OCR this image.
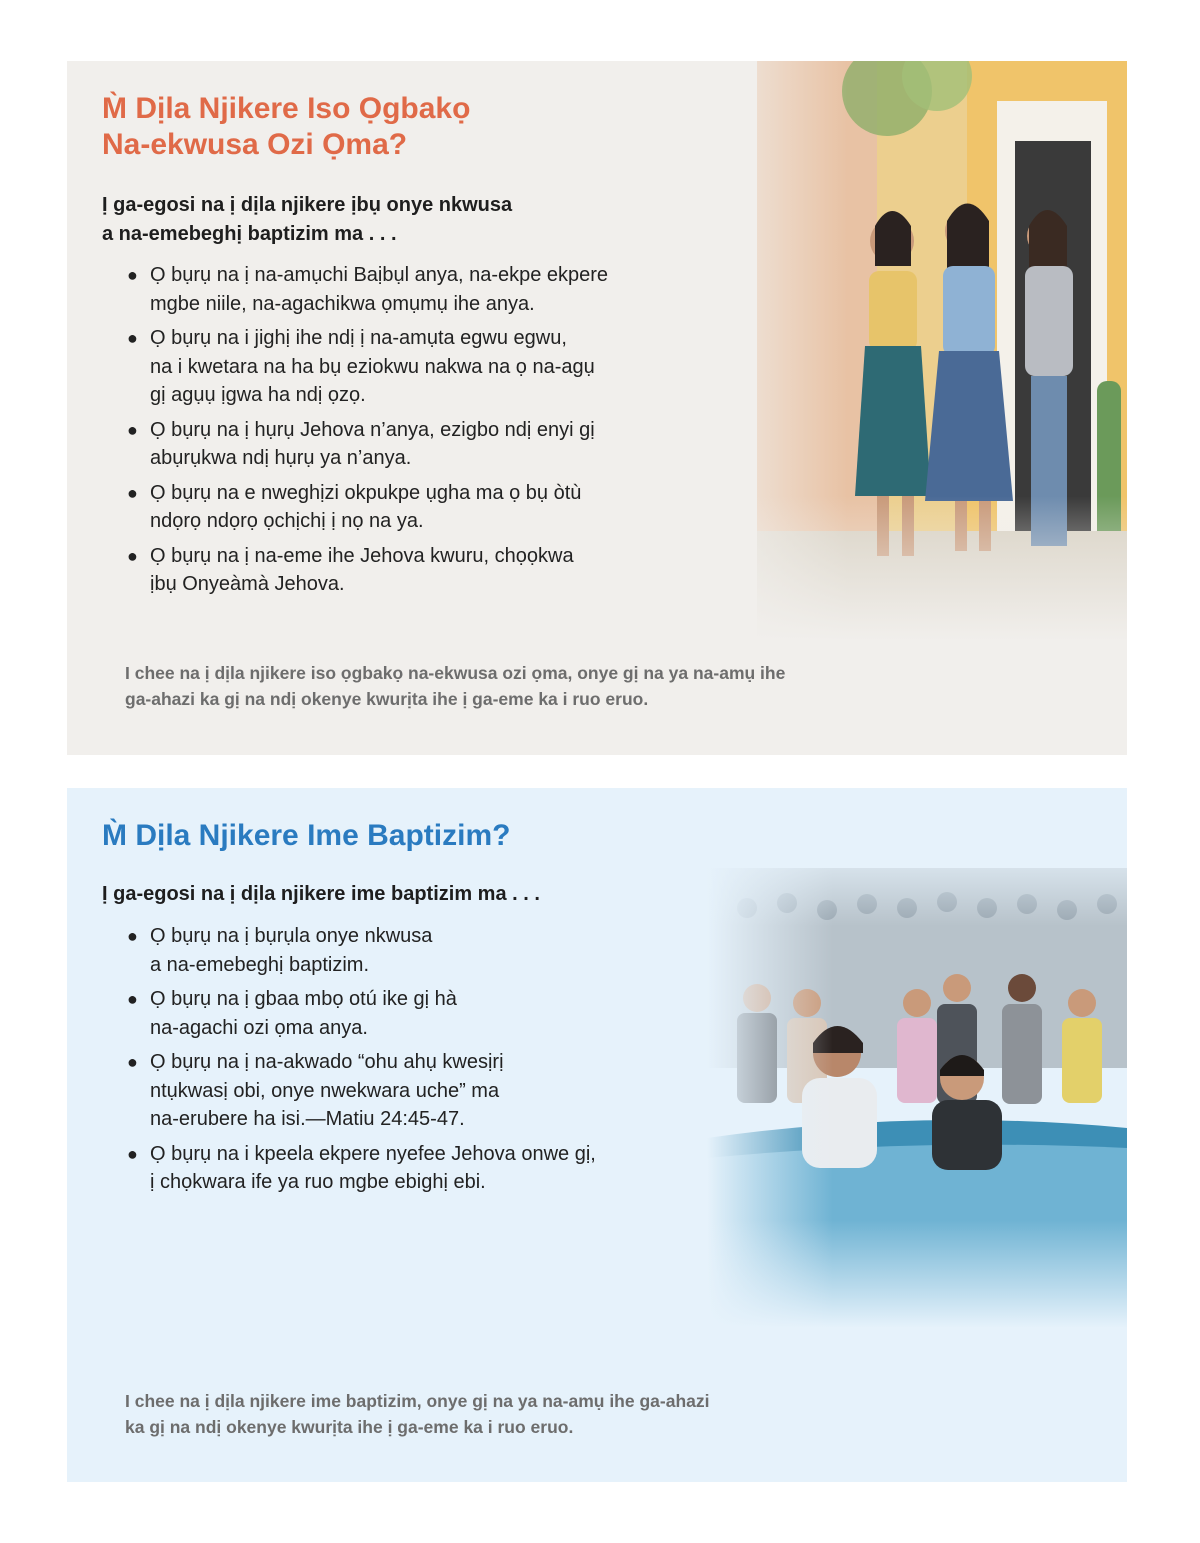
M̀ Dịla Njikere Iso Ọgbakọ
Na-ekwusa Ozi Ọma?

Ị ga-egosi na ị dịla njikere ịbụ onye nkwusa
a na-emebeghị baptizim ma . . .

● Ọ bụrụ na ị na-amụchi Baịbụl anya, na-ekpe ekpere
mgbe niile, na-agachikwa ọmụmụ ihe anya.
● Ọ bụrụ na i jighị ihe ndị ị na-amụta egwu egwu,
na i kwetara na ha bụ eziokwu nakwa na ọ na-agụ
gị agụụ ịgwa ha ndị ọzọ.
● Ọ bụrụ na ị hụrụ Jehova n’anya, ezigbo ndị enyi gị
abụrụkwa ndị hụrụ ya n’anya.
● Ọ bụrụ na e nweghịzi okpukpe ụgha ma ọ bụ òtù
ndọrọ ndọrọ ọchịchị ị nọ na ya.
● Ọ bụrụ na ị na-eme ihe Jehova kwuru, chọọkwa
ịbụ Onyeàmà Jehova.

I chee na ị dịla njikere iso ọgbakọ na-ekwusa ozi ọma, onye gị na ya na-amụ ihe
ga-ahazi ka gị na ndị okenye kwurịta ihe ị ga-eme ka i ruo eruo.

M̀ Dịla Njikere Ime Baptizim?

Ị ga-egosi na ị dịla njikere ime baptizim ma . . .

● Ọ bụrụ na ị bụrụla onye nkwusa
a na-emebeghị baptizim.
● Ọ bụrụ na ị gbaa mbọ otú ike gị hà
na-agachi ozi ọma anya.
● Ọ bụrụ na ị na-akwado “ohu ahụ kwesịrị
ntụkwasị obi, onye nwekwara uche” ma
na-erubere ha isi.—Matiu 24:45-47.
● Ọ bụrụ na i kpeela ekpere nyefee Jehova onwe gị,
ị chọkwara ife ya ruo mgbe ebighị ebi.

I chee na ị dịla njikere ime baptizim, onye gị na ya na-amụ ihe ga-ahazi
ka gị na ndị okenye kwurịta ihe ị ga-eme ka i ruo eruo.
